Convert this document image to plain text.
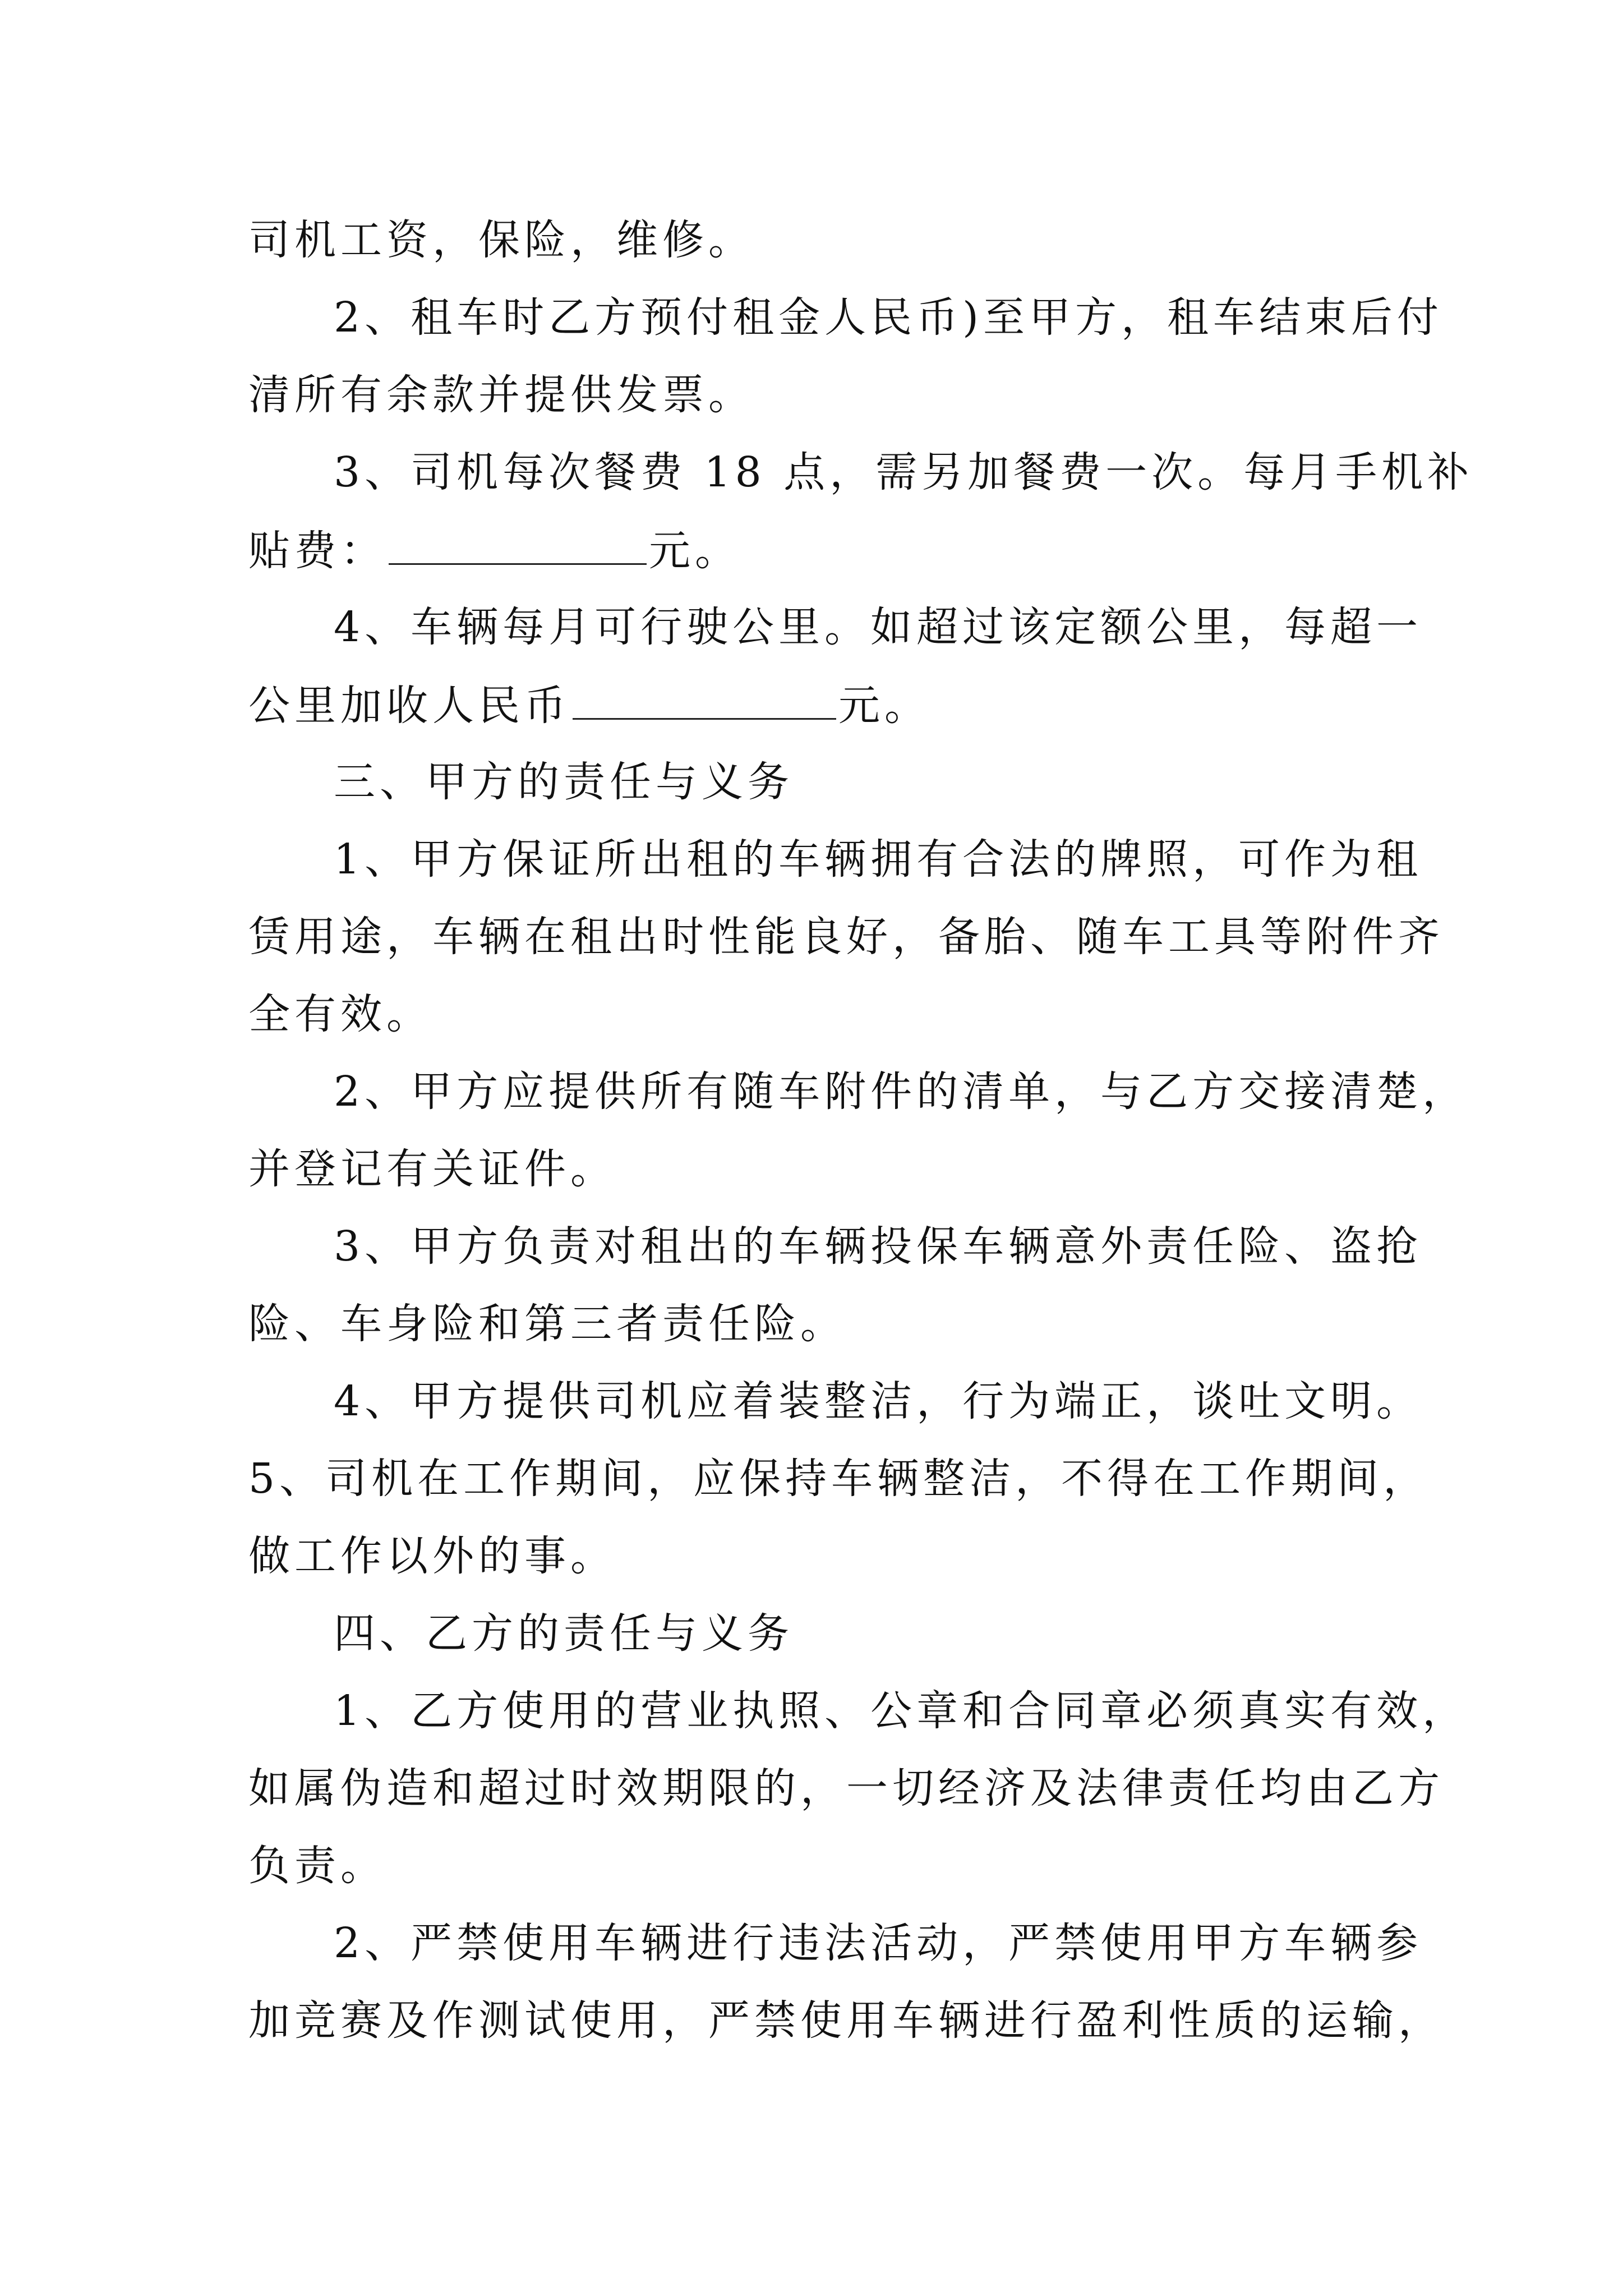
司机工资，保险，维修。

2、租车时乙方预付租金人民币)至甲方，租车结束后付

清所有余款并提供发票。

3、司机每次餐费 18 点，需另加餐费一次。每月手机补

贴费：	元。

4、车辆每月可行驶公里。如超过该定额公里，每超一

公里加收人民币	元。

三、甲方的责任与义务

1、甲方保证所出租的车辆拥有合法的牌照，可作为租

赁用途，车辆在租出时性能良好，备胎、随车工具等附件齐

全有效。

2、甲方应提供所有随车附件的清单，与乙方交接清楚，

并登记有关证件。

3、甲方负责对租出的车辆投保车辆意外责任险、盗抢

险、车身险和第三者责任险。

4、甲方提供司机应着装整洁，行为端正，谈吐文明。

5、司机在工作期间，应保持车辆整洁，不得在工作期间，

做工作以外的事。

四、乙方的责任与义务

1、乙方使用的营业执照、公章和合同章必须真实有效，

如属伪造和超过时效期限的，一切经济及法律责任均由乙方

负责。

2、严禁使用车辆进行违法活动，严禁使用甲方车辆参

加竞赛及作测试使用，严禁使用车辆进行盈利性质的运输，
